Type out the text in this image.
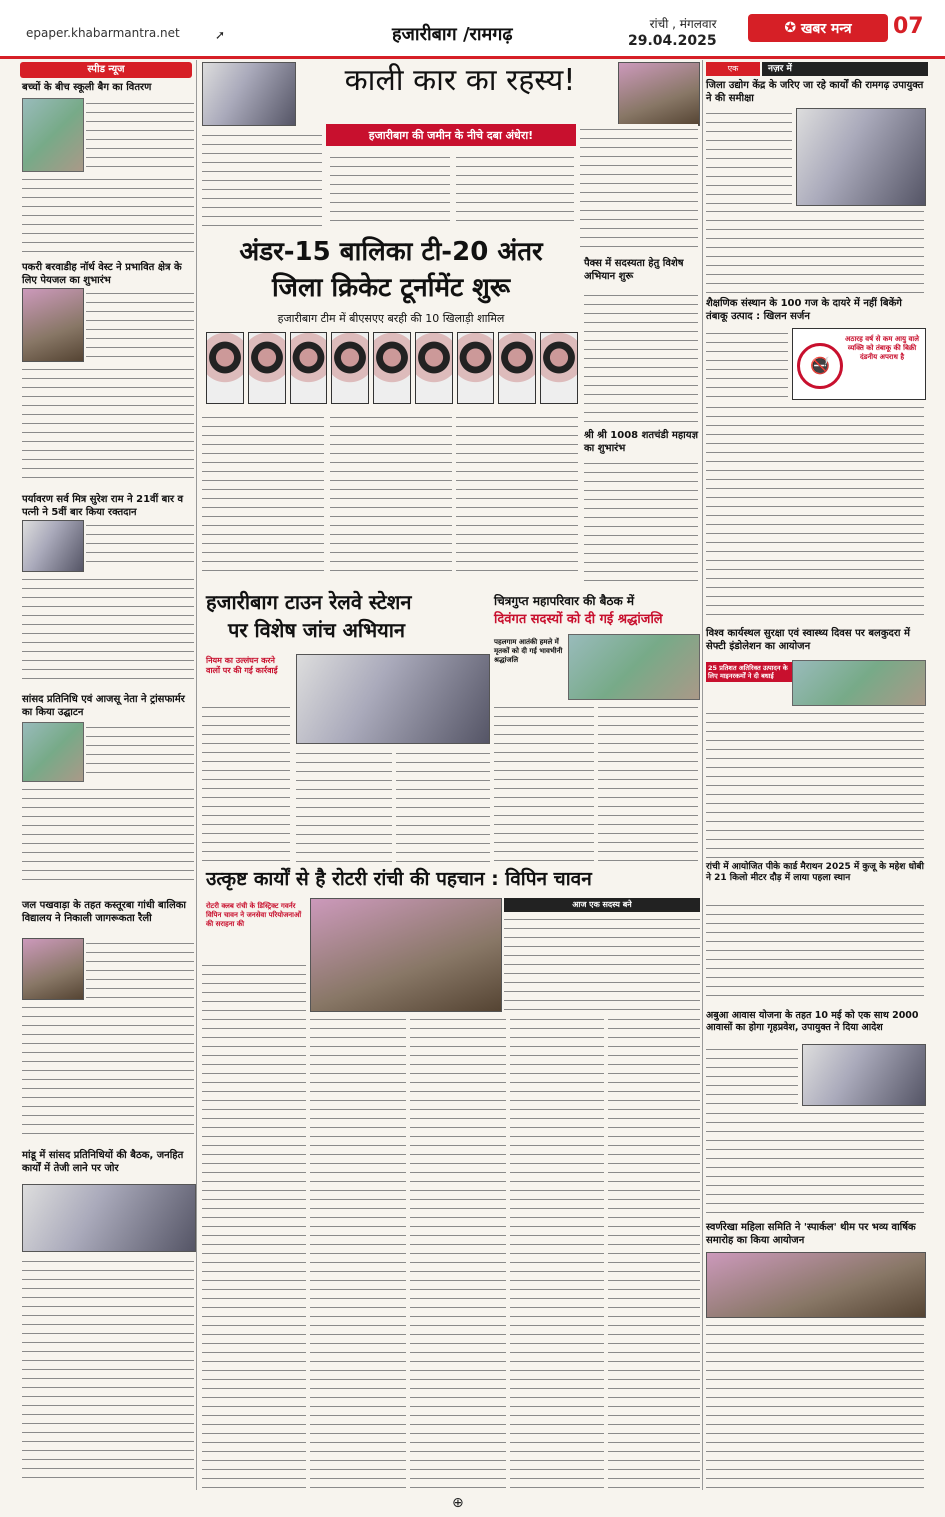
epaper.khabarmantra.net	➚	हजारीबाग /रामगढ़	रांची , मंगलवार
29.04.2025
✪ खबर मन्त्र 07
स्पीड न्यूज
बच्चों के बीच स्कूली बैग का वितरण
पकरी बरवाडीह नॉर्थ वेस्ट ने प्रभावित क्षेत्र के लिए पेयजल का शुभारंभ
पर्यावरण सर्व मित्र सुरेश राम ने 21वीं बार व पत्नी ने 5वीं बार किया रक्तदान
सांसद प्रतिनिधि एवं आजसू नेता ने ट्रांसफार्मर का किया उद्घाटन
जल पखवाड़ा के तहत कस्तूरबा गांधी बालिका विद्यालय ने निकाली जागरूकता रैली
मांडू में सांसद प्रतिनिधियों की बैठक, जनहित कार्यों में तेजी लाने पर जोर
काली कार का रहस्य!
हजारीबाग की जमीन के नीचे दबा अंधेरा!
अंडर-15 बालिका टी-20 अंतर
जिला क्रिकेट टूर्नामेंट शुरू
हजारीबाग टीम में बीएसएए बरही की 10 खिलाड़ी शामिल
पैक्स में सदस्यता हेतु विशेष अभियान शुरू
श्री श्री 1008 शतचंडी महायज्ञ का शुभारंभ
हजारीबाग टाउन रेलवे स्टेशन
पर विशेष जांच अभियान
नियम का उल्लंघन करने वालों पर की गई कार्रवाई
चित्रगुप्त महापरिवार की बैठक में
दिवंगत सदस्यों को दी गई श्रद्धांजलि
पहलगाम आतंकी हमले में मृतकों को दी गई भावभीनी श्रद्धांजलि
उत्कृष्ट कार्यों से है रोटरी रांची की पहचान : विपिन चावन
रोटरी क्लब रांची के डिस्ट्रिक्ट गवर्नर विपिन चावन ने जनसेवा परियोजनाओं की सराहना की
आज एक सदस्य बने
एक	नज़र में
जिला उद्योग केंद्र के जरिए जा रहे कार्यों की रामगढ़ उपायुक्त ने की समीक्षा
शैक्षणिक संस्थान के 100 गज के दायरे में नहीं बिकेंगे तंबाकू उत्पाद : खिलन सर्जन
🚭
अठारह वर्ष से कम आयु वाले व्यक्ति को तंबाकू की बिक्री दंडनीय अपराध है
विश्व कार्यस्थल सुरक्षा एवं स्वास्थ्य दिवस पर बलकुदरा में सेफ्टी इंडोलेशन का आयोजन
25 प्रतिशत अतिरिक्त उत्पादन के लिए माइनरकर्मों ने दी बधाई
रांची में आयोजित पीके कार्ड मैराथन 2025 में कुजू के महेश धोबी ने 21 किलो मीटर दौड़ में लाया पहला स्थान
अबुआ आवास योजना के तहत 10 मई को एक साथ 2000 आवासों का होगा गृहप्रवेश, उपायुक्त ने दिया आदेश
स्वर्णरेखा महिला समिति ने 'स्पार्कल' थीम पर भव्य वार्षिक समारोह का किया आयोजन
⊕
